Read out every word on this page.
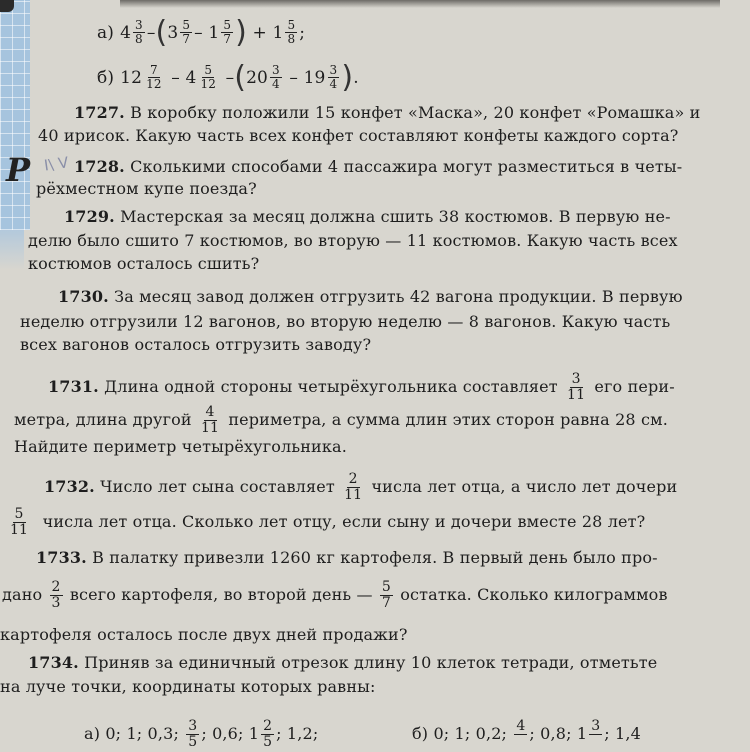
а) $4 \frac{3}{8}$ – ( $3 \frac{5}{7}$ –
$1 \frac{5}{7}$ )
+ $1 \frac{5}{8}$ ;
б) $12 \frac{7}{12}$
–
$4 \frac{5}{12}$
– ( $20 \frac{3}{4}$
– $19 \frac{3}{4}$ ) .
1727.
В коробку положили 15 конфет «Маска», 20 конфет «Ромашка» и
40 ирисок. Какую часть всех конфет составляют конфеты каждого сорта?
Р I\ V 1728.
Сколькими способами 4 пассажира могут разместиться в четы-
рёхместном купе поезда?
1729.
Мастерская за месяц должна сшить 38 костюмов. В первую не-
делю было сшито 7 костюмов, во вторую — 11 костюмов. Какую часть всех
костюмов осталось сшить?
1730.
За месяц завод должен отгрузить 42 вагона продукции. В первую
неделю отгрузили 12 вагонов, во вторую неделю — 8 вагонов. Какую часть
всех вагонов осталось отгрузить заводу?
1731.
Длина одной стороны четырёхугольника составляет
$\frac{3}{11}$
его пери-
метра, длина другой
$\frac{4}{11}$
периметра, а сумма длин этих сторон равна 28 см.
Найдите периметр четырёхугольника.
1732.
Число лет сына составляет
$\frac{2}{11}$
числа лет отца, а число лет дочери
$\frac{5}{11}$
числа лет отца. Сколько лет отцу, если сыну и дочери вместе 28 лет?
1733.
В палатку привезли 1260 кг картофеля. В первый день было про-
дано
$\frac{2}{3}$
всего картофеля, во второй день —
$\frac{5}{7}$
остатка. Сколько килограммов
картофеля осталось после двух дней продажи?
1734.
Приняв за единичный отрезок длину 10 клеток тетради, отметьте
на луче точки, координаты которых равны:
а)
0; 1; 0,3;
$\frac{3}{5}$ ; 0,6; $1 \frac{2}{5}$ ; 1,2;	б)
0; 1; 0,2;
4
; 0,8; 1 3
; 1,4
